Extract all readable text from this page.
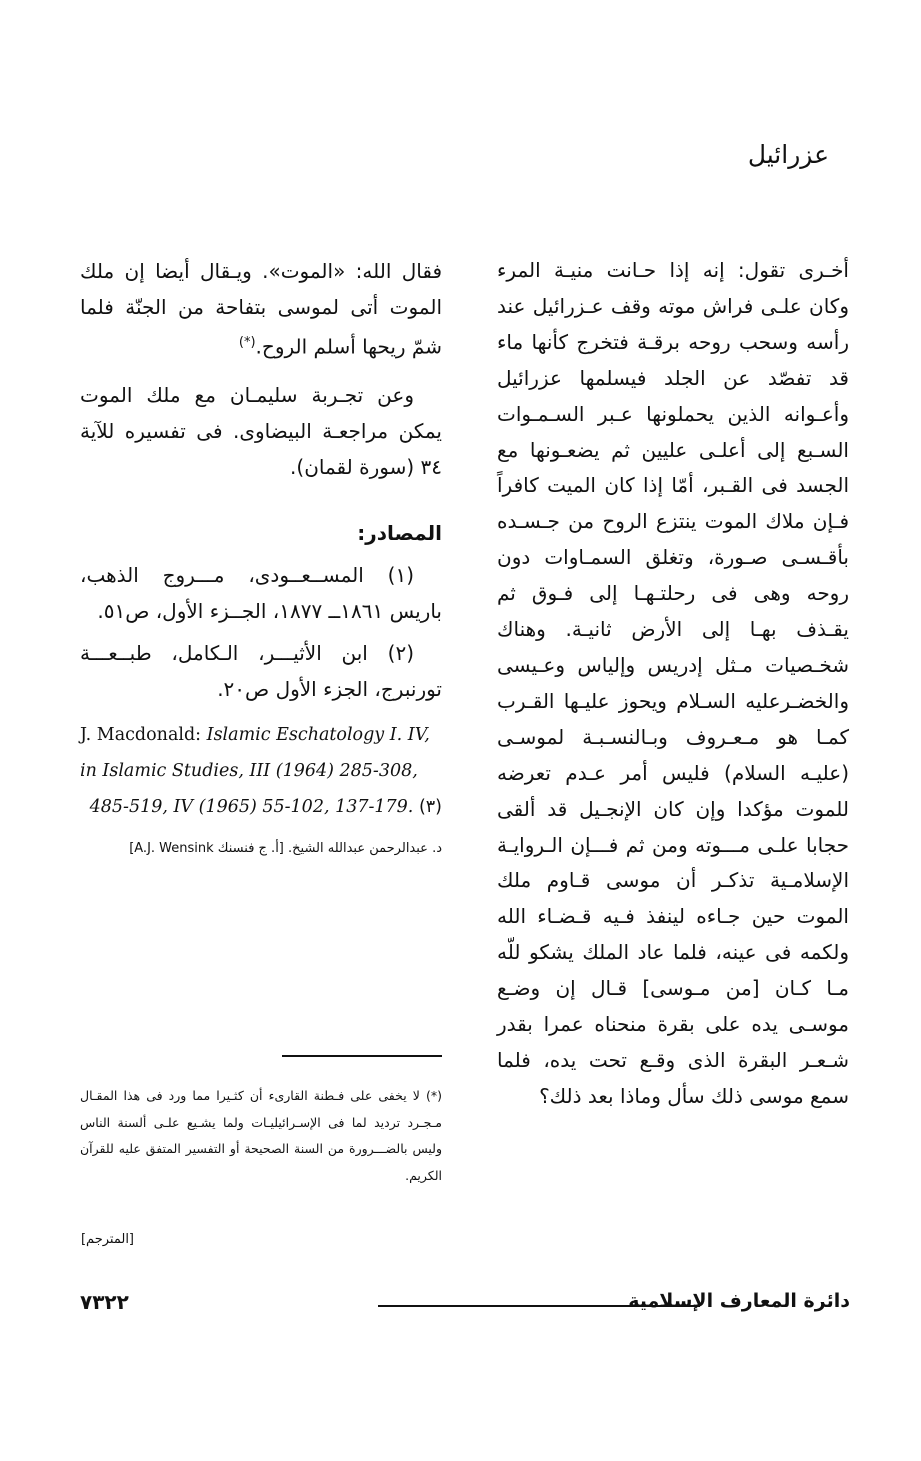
عزرائيل

أخـرى تقول: إنه إذا حـانت منيـة المرء وكان علـى فراش موته وقف عـزرائيل عند رأسه وسحب روحه برقـة فتخرج كأنها ماء قد تفصّد عن الجلد فيسلمها عزرائيل وأعـوانه الذين يحملونها عـبر السـمـوات السـبع إلى أعلـى عليين ثم يضعـونها مع الجسد فى القـبر، أمّا إذا كان الميت كافراً فـإن ملاك الموت ينتزع الروح من جـسـده بأقـسـى صـورة، وتغلق السمـاوات دون روحه وهى فى رحلتـهـا إلى فـوق ثم يقـذف بهـا إلى الأرض ثانيـة. وهناك شخـصيات مـثل إدريس وإلياس وعـيسى والخضـرعليه السـلام ويحوز عليـها القـرب كمـا هو مـعـروف وبـالنسـبـة لموسـى (عليـه السلام) فليس أمر عـدم تعرضه للموت مؤكدا وإن كان الإنجـيل قد ألقى حجابا علـى مـــوته ومن ثم فـــإن الـروايـة الإسلامـية تذكـر أن موسى قـاوم ملك الموت حين جـاءه لينفذ فـيه قـضـاء الله ولكمه فى عينه، فلما عاد الملك يشكو للّه مـا كـان [من مـوسى] قـال إن وضـع موسـى يده على بقرة منحناه عمرا بقدر شـعـر البقرة الذى وقـع تحت يده، فلما سمع موسى ذلك سأل وماذا بعد ذلك؟

فقال الله: «الموت». ويـقال أيضا إن ملك الموت أتى لموسى بتفاحة من الجنّة فلما شمّ ريحها أسلم الروح.(*)

وعن تجـربة سليمـان مع ملك الموت يمكن مراجعـة البيضاوى. فى تفسيره للآية ٣٤ (سورة لقمان).

المصادر:

(١) المســعــودى، مـــروج الذهب، باريس ١٨٦١ــ ١٨٧٧، الجــزء الأول، ص٥١.

(٢) ابن الأثيـــر، الـكامل، طبــعـــة تورنبرج، الجزء الأول ص٢٠.

J. Macdonald: Islamic Eschatology I. IV, in Islamic Studies, III (1964) 285-308, 485-519, IV (1965) 55-102, 137-179. (٣)

د. عبدالرحمن عبدالله الشيخ. [أ. ج فنسنك A.J. Wensink]

(*) لا يخفى على فـطنة القارىء أن كثـيرا مما ورد فى هذا المقـال مـجـرد ترديد لما فى الإسـرائيليـات ولما يشـيع علـى ألسنة الناس وليس بالضـــرورة من السنة الصحيحة أو التفسير المتفق عليه للقرآن الكريم.
[المترجم]
٧٣٢٢	دائرة المعارف الإسلامية
